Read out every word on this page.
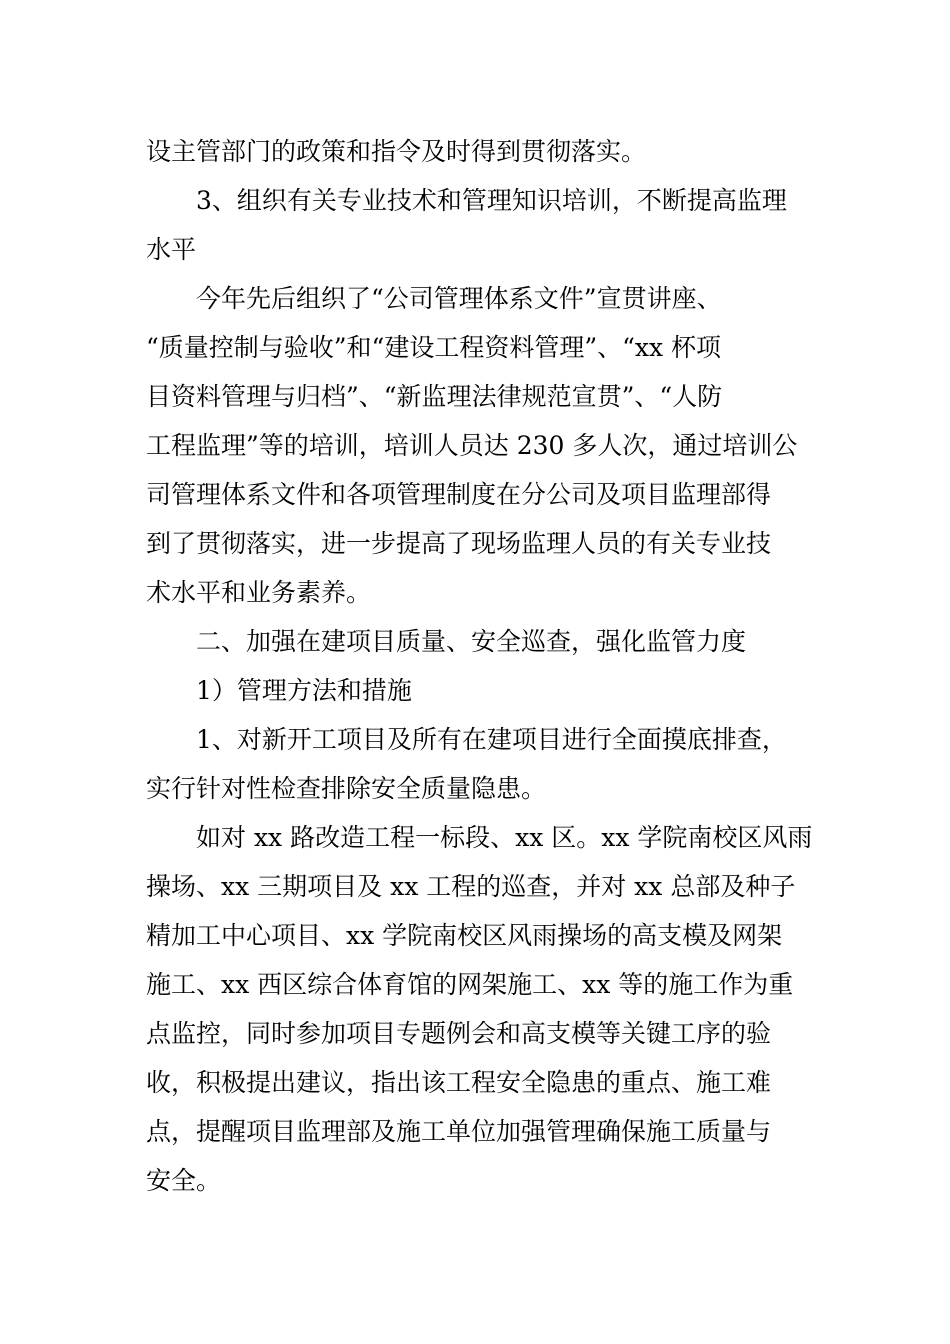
设主管部门的政策和指令及时得到贯彻落实。
3、组织有关专业技术和管理知识培训，不断提高监理
水平
今年先后组织了“公司管理体系文件”宣贯讲座、
“质量控制与验收”和“建设工程资料管理”、“xx 杯项
目资料管理与归档”、“新监理法律规范宣贯”、“人防
工程监理”等的培训，培训人员达 230 多人次，通过培训公
司管理体系文件和各项管理制度在分公司及项目监理部得
到了贯彻落实，进一步提高了现场监理人员的有关专业技
术水平和业务素养。
二、加强在建项目质量、安全巡查，强化监管力度
1）管理方法和措施
1、对新开工项目及所有在建项目进行全面摸底排查，
实行针对性检查排除安全质量隐患。
如对 xx 路改造工程一标段、xx 区。xx 学院南校区风雨
操场、xx 三期项目及 xx 工程的巡查，并对 xx 总部及种子
精加工中心项目、xx 学院南校区风雨操场的高支模及网架
施工、xx 西区综合体育馆的网架施工、xx 等的施工作为重
点监控，同时参加项目专题例会和高支模等关键工序的验
收，积极提出建议，指出该工程安全隐患的重点、施工难
点，提醒项目监理部及施工单位加强管理确保施工质量与
安全。
